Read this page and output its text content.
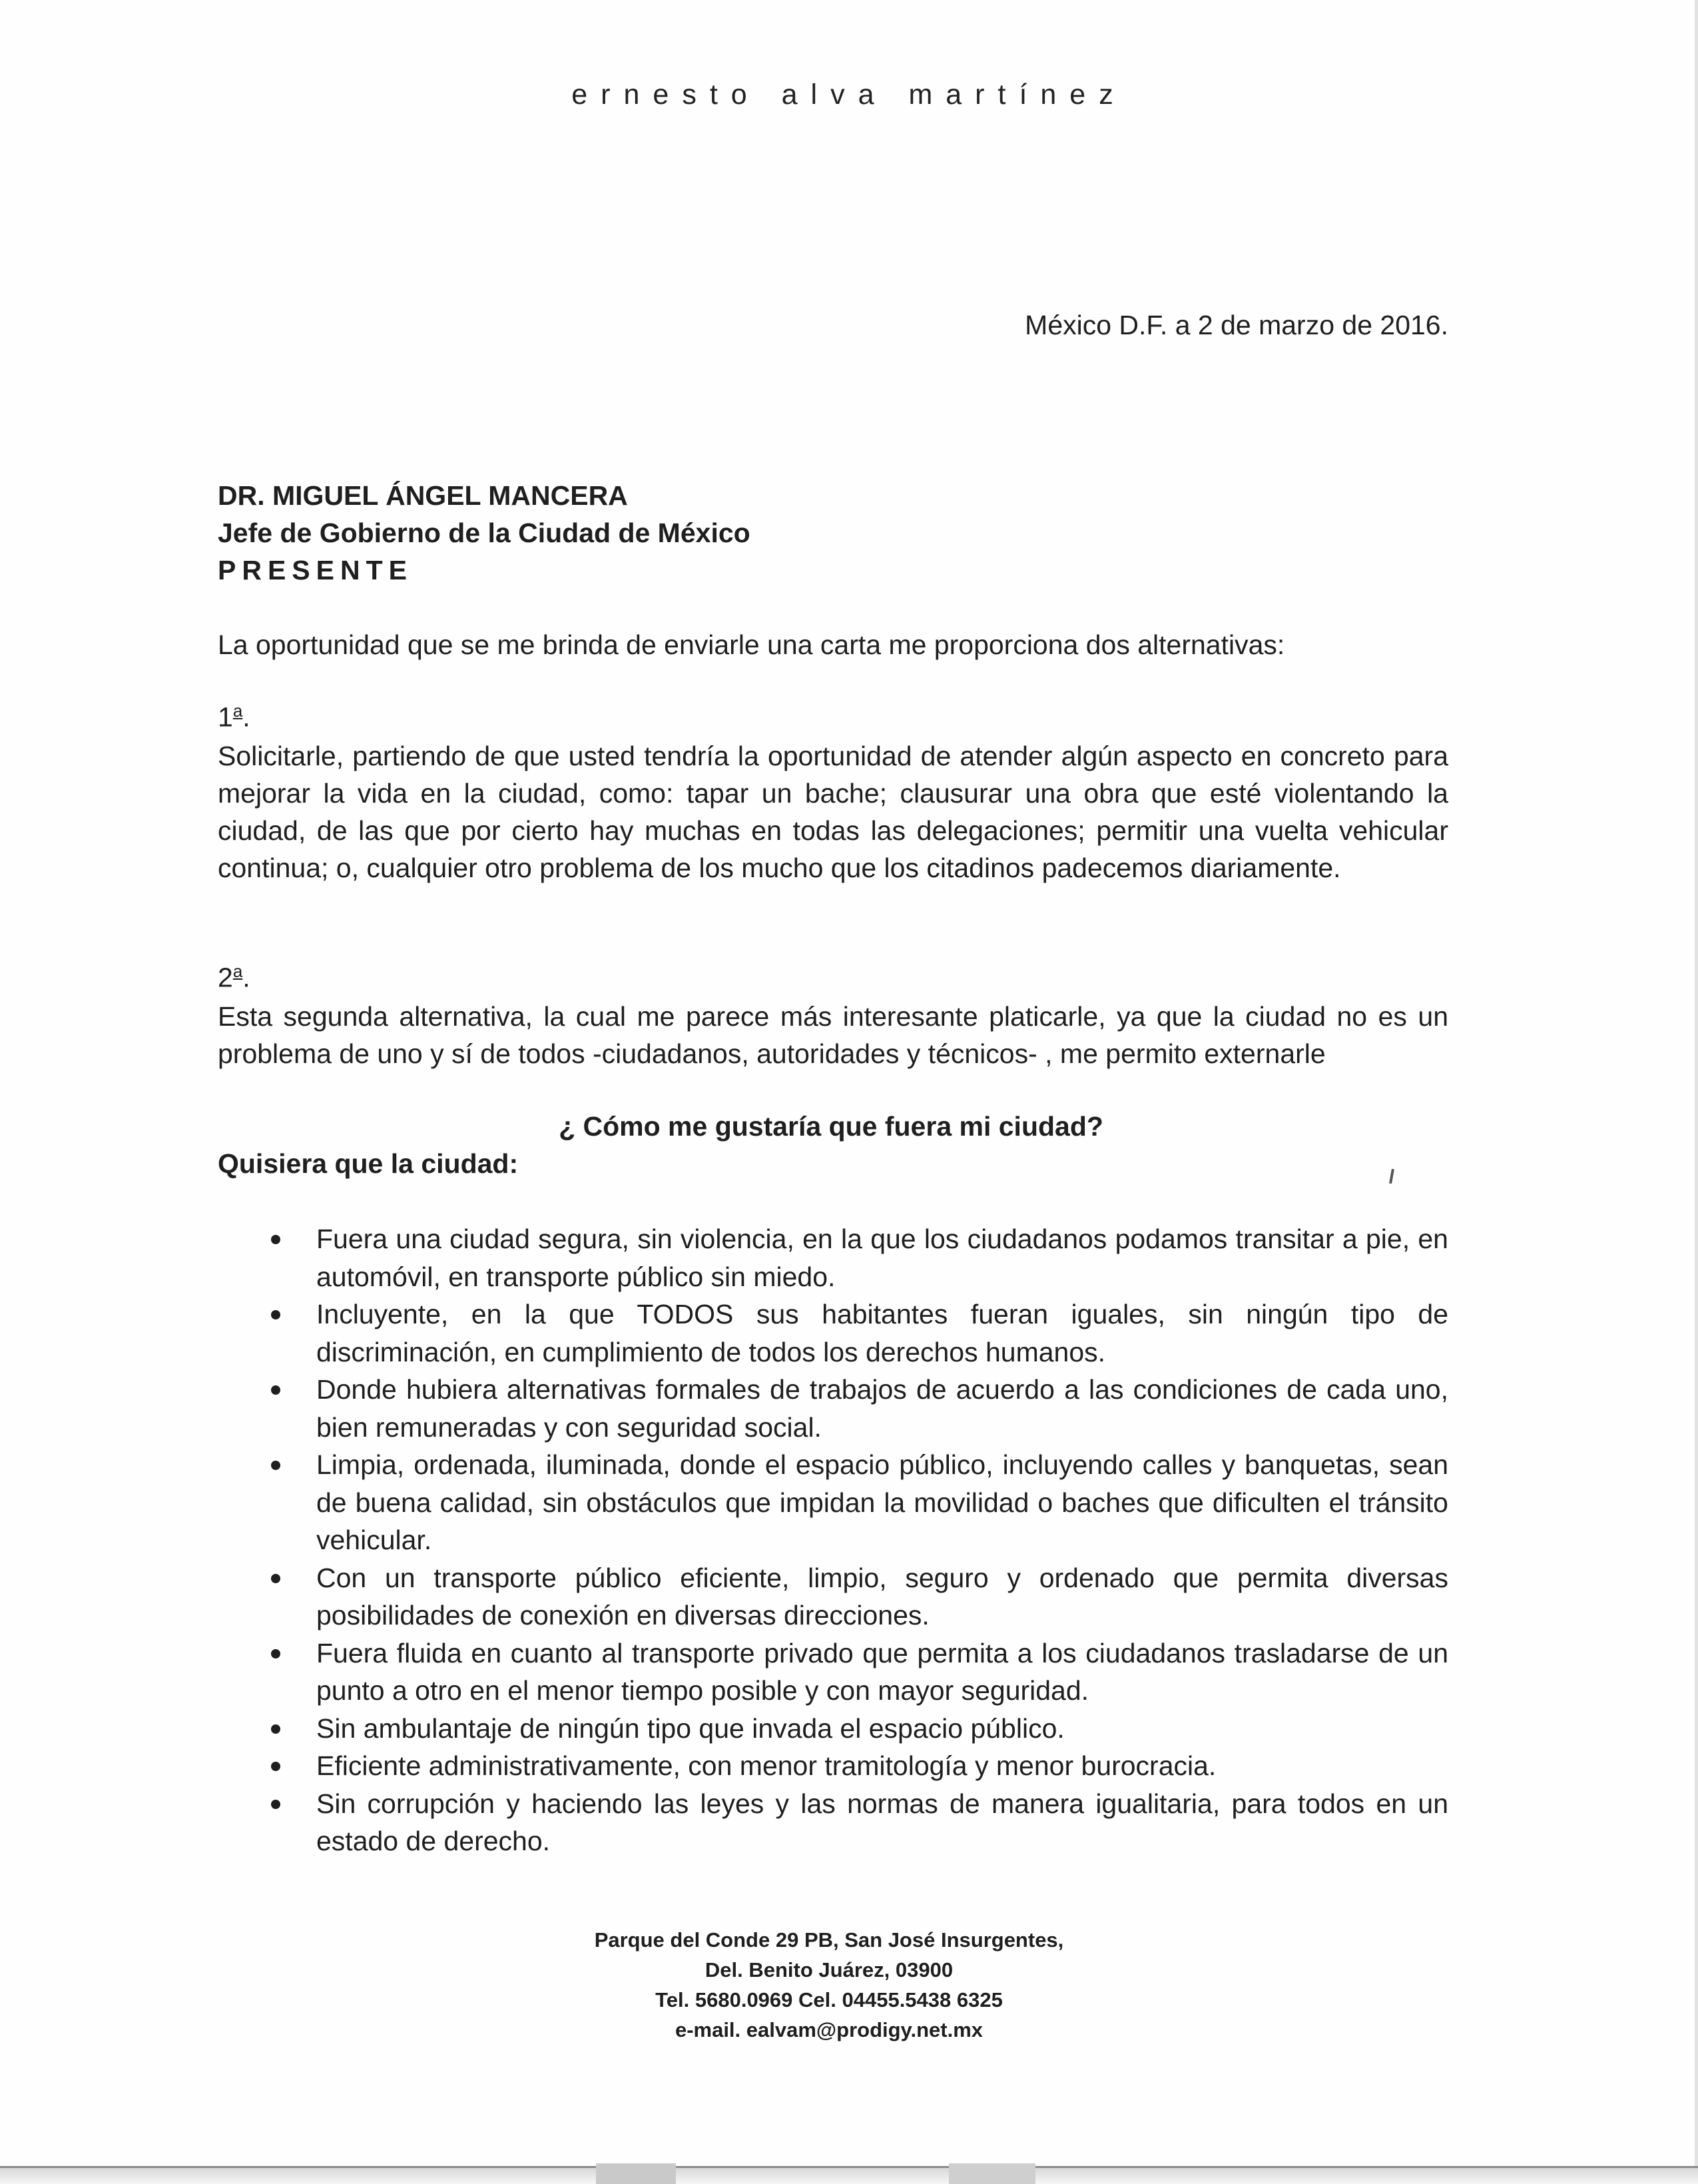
ernesto alva martínez
México D.F. a 2 de marzo de 2016.
DR. MIGUEL ÁNGEL MANCERA
Jefe de Gobierno de la Ciudad de México
PRESENTE
La oportunidad que se me brinda de enviarle una carta me proporciona dos alternativas:
1$^a$.
Solicitarle, partiendo de que usted tendría la oportunidad de atender algún aspecto en concreto para mejorar la vida en la ciudad, como: tapar un bache; clausurar una obra que esté violentando la ciudad, de las que por cierto hay muchas en todas las delegaciones; permitir una vuelta vehicular continua; o, cualquier otro problema de los mucho que los citadinos padecemos diariamente.
2$^a$.
Esta segunda alternativa, la cual me parece más interesante platicarle, ya que la ciudad no es un problema de uno y sí de todos -ciudadanos, autoridades y técnicos- , me permito externarle
¿ Cómo me gustaría que fuera mi ciudad?
Quisiera que la ciudad:
Fuera una ciudad segura, sin violencia, en la que los ciudadanos podamos transitar a pie, en automóvil, en transporte público sin miedo.
Incluyente, en la que TODOS sus habitantes fueran iguales, sin ningún tipo de discriminación, en cumplimiento de todos los derechos humanos.
Donde hubiera alternativas formales de trabajos de acuerdo a las condiciones de cada uno, bien remuneradas y con seguridad social.
Limpia, ordenada, iluminada, donde el espacio público, incluyendo calles y banquetas, sean de buena calidad, sin obstáculos que impidan la movilidad o baches que dificulten el tránsito vehicular.
Con un transporte público eficiente, limpio, seguro y ordenado que permita diversas posibilidades de conexión en diversas direcciones.
Fuera fluida en cuanto al transporte privado que permita a los ciudadanos trasladarse de un punto a otro en el menor tiempo posible y con mayor seguridad.
Sin ambulantaje de ningún tipo que invada el espacio público.
Eficiente administrativamente, con menor tramitología y menor burocracia.
Sin corrupción y haciendo las leyes y las normas de manera igualitaria, para todos en un estado de derecho.
Parque del Conde 29 PB, San José Insurgentes,
Del. Benito Juárez, 03900
Tel. 5680.0969 Cel. 04455.5438 6325
e-mail. ealvam@prodigy.net.mx
